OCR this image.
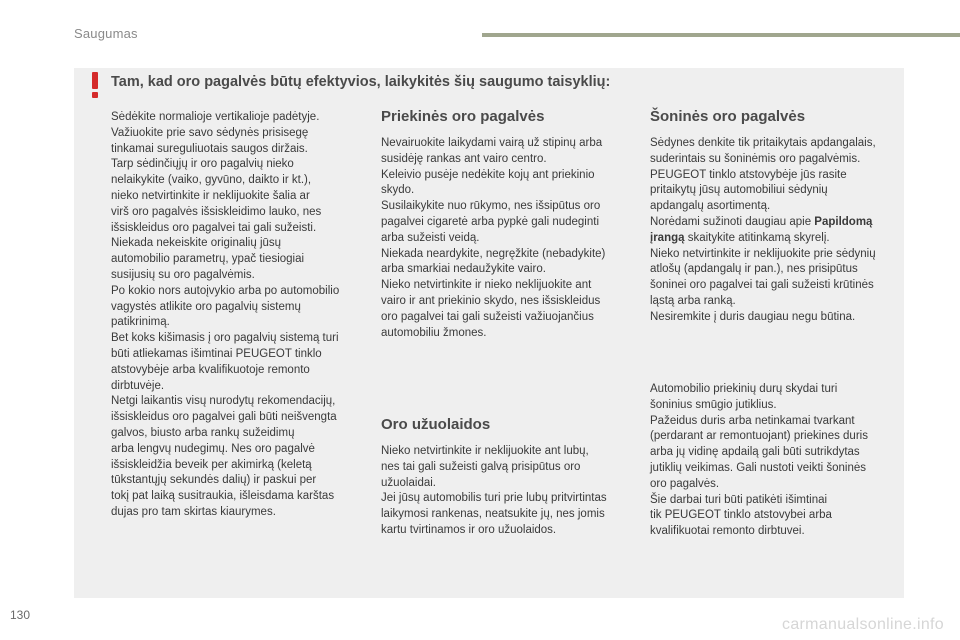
Saugumas
Tam, kad oro pagalvės būtų efektyvios, laikykitės šių saugumo taisyklių:

Sėdėkite normalioje vertikalioje padėtyje.

Važiuokite prie savo sėdynės prisisegę

tinkamai sureguliuotais saugos diržais.

Tarp sėdinčiųjų ir oro pagalvių nieko

nelaikykite (vaiko, gyvūno, daikto ir kt.),

nieko netvirtinkite ir neklijuokite šalia ar

virš oro pagalvės išsiskleidimo lauko, nes

išsiskleidus oro pagalvei tai gali sužeisti.

Niekada nekeiskite originalių jūsų

automobilio parametrų, ypač tiesiogiai

susijusių su oro pagalvėmis.

Po kokio nors autoįvykio arba po automobilio

vagystės atlikite oro pagalvių sistemų

patikrinimą.

Bet koks kišimasis į oro pagalvių sistemą turi

būti atliekamas išimtinai PEUGEOT tinklo

atstovybėje arba kvalifikuotoje remonto

dirbtuvėje.

Netgi laikantis visų nurodytų rekomendacijų,

išsiskleidus oro pagalvei gali būti neišvengta

galvos, biusto arba rankų sužeidimų

arba lengvų nudegimų. Nes oro pagalvė

išsiskleidžia beveik per akimirką (keletą

tūkstantųjų sekundės dalių) ir paskui per

tokį pat laiką susitraukia, išleisdama karštas

dujas pro tam skirtas kiaurymes.

Priekinės oro pagalvės

Nevairuokite laikydami vairą už stipinų arba

susidėję rankas ant vairo centro.

Keleivio pusėje nedėkite kojų ant priekinio

skydo.

Susilaikykite nuo rūkymo, nes išsipūtus oro

pagalvei cigaretė arba pypkė gali nudeginti

arba sužeisti veidą.

Niekada neardykite, negręžkite (nebadykite)

arba smarkiai nedaužykite vairo.

Nieko netvirtinkite ir nieko neklijuokite ant

vairo ir ant priekinio skydo, nes išsiskleidus

oro pagalvei tai gali sužeisti važiuojančius

automobiliu žmones.

Oro užuolaidos

Nieko netvirtinkite ir neklijuokite ant lubų,

nes tai gali sužeisti galvą prisipūtus oro

užuolaidai.

Jei jūsų automobilis turi prie lubų pritvirtintas

laikymosi rankenas, neatsukite jų, nes jomis

kartu tvirtinamos ir oro užuolaidos.

Šoninės oro pagalvės

Sėdynes denkite tik pritaikytais apdangalais,

suderintais su šoninėmis oro pagalvėmis.

PEUGEOT tinklo atstovybėje jūs rasite

pritaikytų jūsų automobiliui sėdynių

apdangalų asortimentą.

Norėdami sužinoti daugiau apie Papildomą
įrangą skaitykite atitinkamą skyrelį.

Nieko netvirtinkite ir neklijuokite prie sėdynių

atlošų (apdangalų ir pan.), nes prisipūtus

šoninei oro pagalvei tai gali sužeisti krūtinės

ląstą arba ranką.

Nesiremkite į duris daugiau negu būtina.

Automobilio priekinių durų skydai turi

šoninius smūgio jutiklius.

Pažeidus duris arba netinkamai tvarkant

(perdarant ar remontuojant) priekines duris

arba jų vidinę apdailą gali būti sutrikdytas

jutiklių veikimas. Gali nustoti veikti šoninės

oro pagalvės.

Šie darbai turi būti patikėti išimtinai

tik PEUGEOT tinklo atstovybei arba

kvalifikuotai remonto dirbtuvei.

130
carmanualsonline.info
